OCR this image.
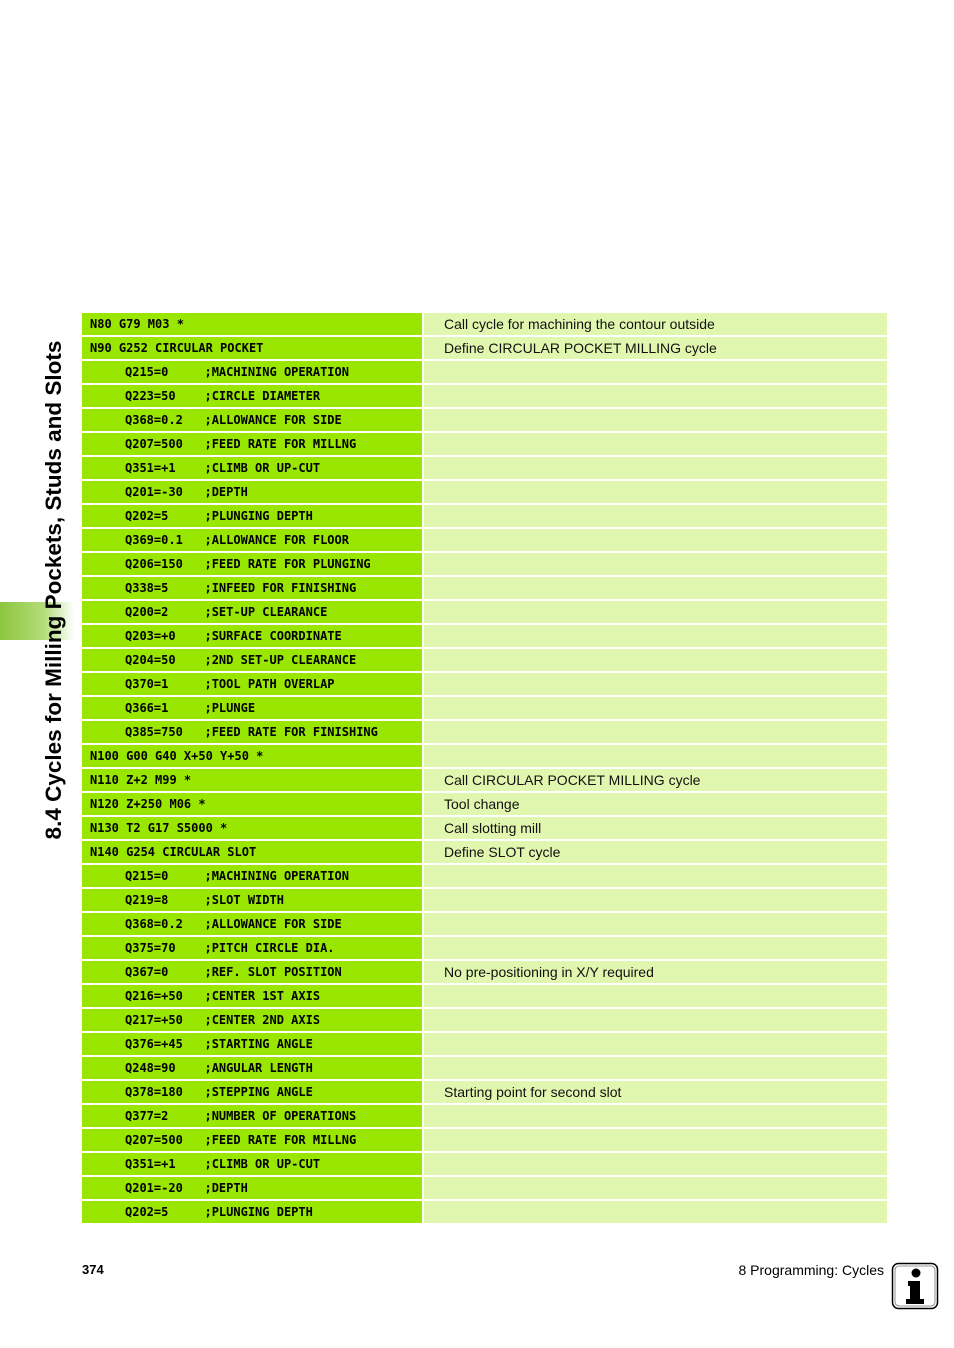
8.4 Cycles for Milling Pockets, Studs and Slots
N80 G79 M03 *	Call cycle for machining the contour outside
N90 G252 CIRCULAR POCKET	Define CIRCULAR POCKET MILLING cycle
Q215=0     ;MACHINING OPERATION
Q223=50    ;CIRCLE DIAMETER
Q368=0.2   ;ALLOWANCE FOR SIDE
Q207=500   ;FEED RATE FOR MILLNG
Q351=+1    ;CLIMB OR UP-CUT
Q201=-30   ;DEPTH
Q202=5     ;PLUNGING DEPTH
Q369=0.1   ;ALLOWANCE FOR FLOOR
Q206=150   ;FEED RATE FOR PLUNGING
Q338=5     ;INFEED FOR FINISHING
Q200=2     ;SET-UP CLEARANCE
Q203=+0    ;SURFACE COORDINATE
Q204=50    ;2ND SET-UP CLEARANCE
Q370=1     ;TOOL PATH OVERLAP
Q366=1     ;PLUNGE
Q385=750   ;FEED RATE FOR FINISHING
N100 G00 G40 X+50 Y+50 *
N110 Z+2 M99 *	Call CIRCULAR POCKET MILLING cycle
N120 Z+250 M06 *	Tool change
N130 T2 G17 S5000 *	Call slotting mill
N140 G254 CIRCULAR SLOT	Define SLOT cycle
Q215=0     ;MACHINING OPERATION
Q219=8     ;SLOT WIDTH
Q368=0.2   ;ALLOWANCE FOR SIDE
Q375=70    ;PITCH CIRCLE DIA.
Q367=0     ;REF. SLOT POSITION	No pre-positioning in X/Y required
Q216=+50   ;CENTER 1ST AXIS
Q217=+50   ;CENTER 2ND AXIS
Q376=+45   ;STARTING ANGLE
Q248=90    ;ANGULAR LENGTH
Q378=180   ;STEPPING ANGLE	Starting point for second slot
Q377=2     ;NUMBER OF OPERATIONS
Q207=500   ;FEED RATE FOR MILLNG
Q351=+1    ;CLIMB OR UP-CUT
Q201=-20   ;DEPTH
Q202=5     ;PLUNGING DEPTH
374	8 Programming: Cycles
